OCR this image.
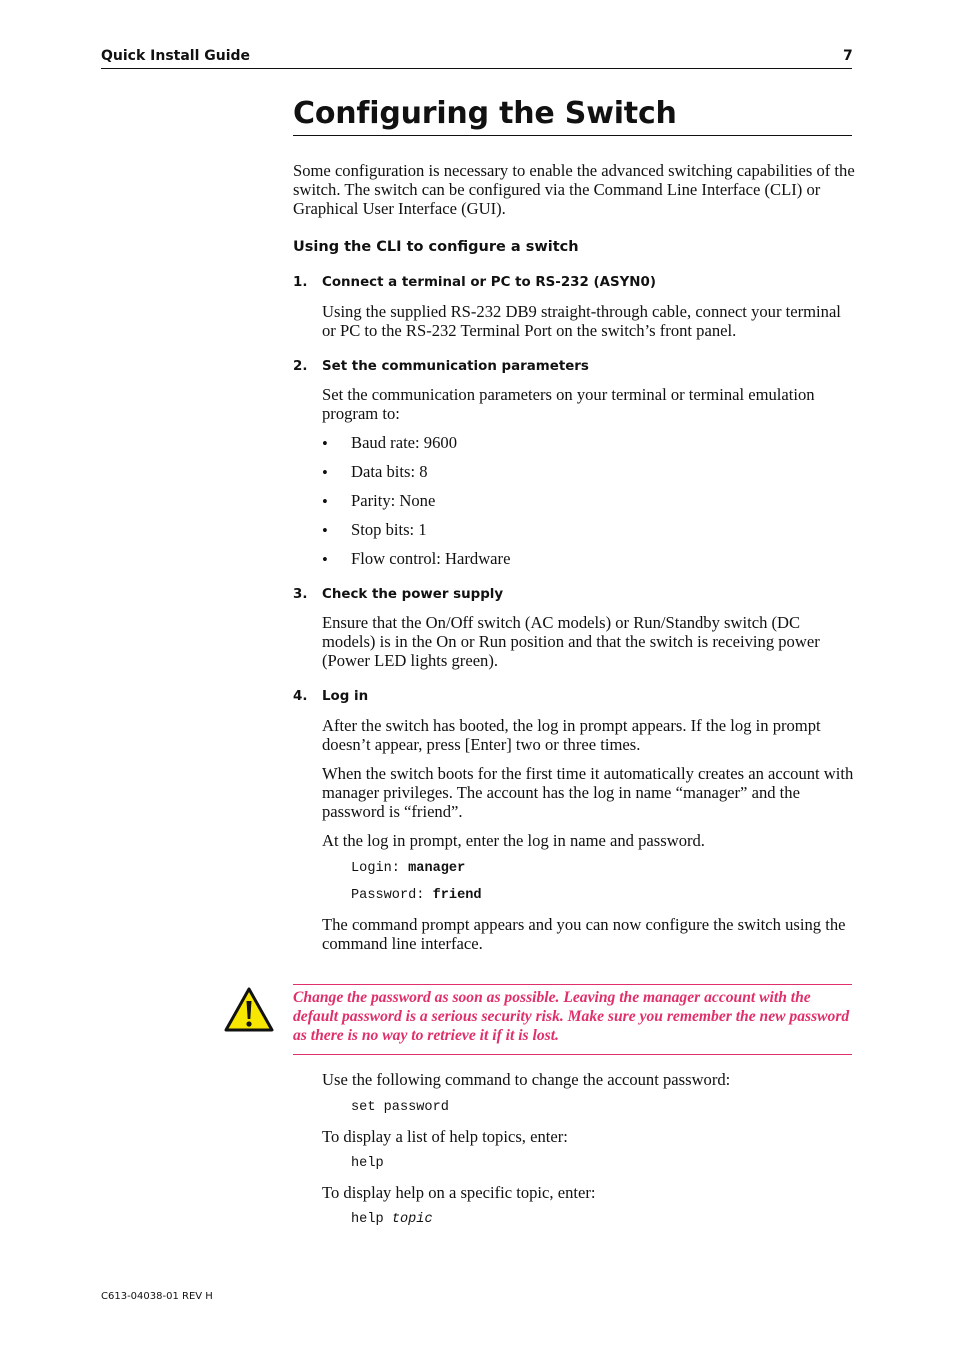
Quick Install Guide	7
Configuring the Switch

Some configuration is necessary to enable the advanced switching capabilities of the switch. The switch can be configured via the Command Line Interface (CLI) or Graphical User Interface (GUI).

Using the CLI to configure a switch
1. Connect a terminal or PC to RS-232 (ASYN0)

Using the supplied RS-232 DB9 straight-through cable, connect your terminal or PC to the RS-232 Terminal Port on the switch’s front panel.

2. Set the communication parameters

Set the communication parameters on your terminal or terminal emulation program to:

• Baud rate: 9600
• Data bits: 8
• Parity: None
• Stop bits: 1
• Flow control: Hardware
3. Check the power supply

Ensure that the On/Off switch (AC models) or Run/Standby switch (DC models) is in the On or Run position and that the switch is receiving power (Power LED lights green).

4. Log in

After the switch has booted, the log in prompt appears. If the log in prompt doesn’t appear, press [Enter] two or three times.

When the switch boots for the first time it automatically creates an account with manager privileges. The account has the log in name “manager” and the password is “friend”.

At the log in prompt, enter the log in name and password.

Login: manager
Password: friend

The command prompt appears and you can now configure the switch using the command line interface.

Change the password as soon as possible. Leaving the manager account with the default password is a serious security risk. Make sure you remember the new password as there is no way to retrieve it if it is lost.

Use the following command to change the account password:

set password

To display a list of help topics, enter:

help

To display help on a specific topic, enter:

help topic
C613-04038-01 REV H
